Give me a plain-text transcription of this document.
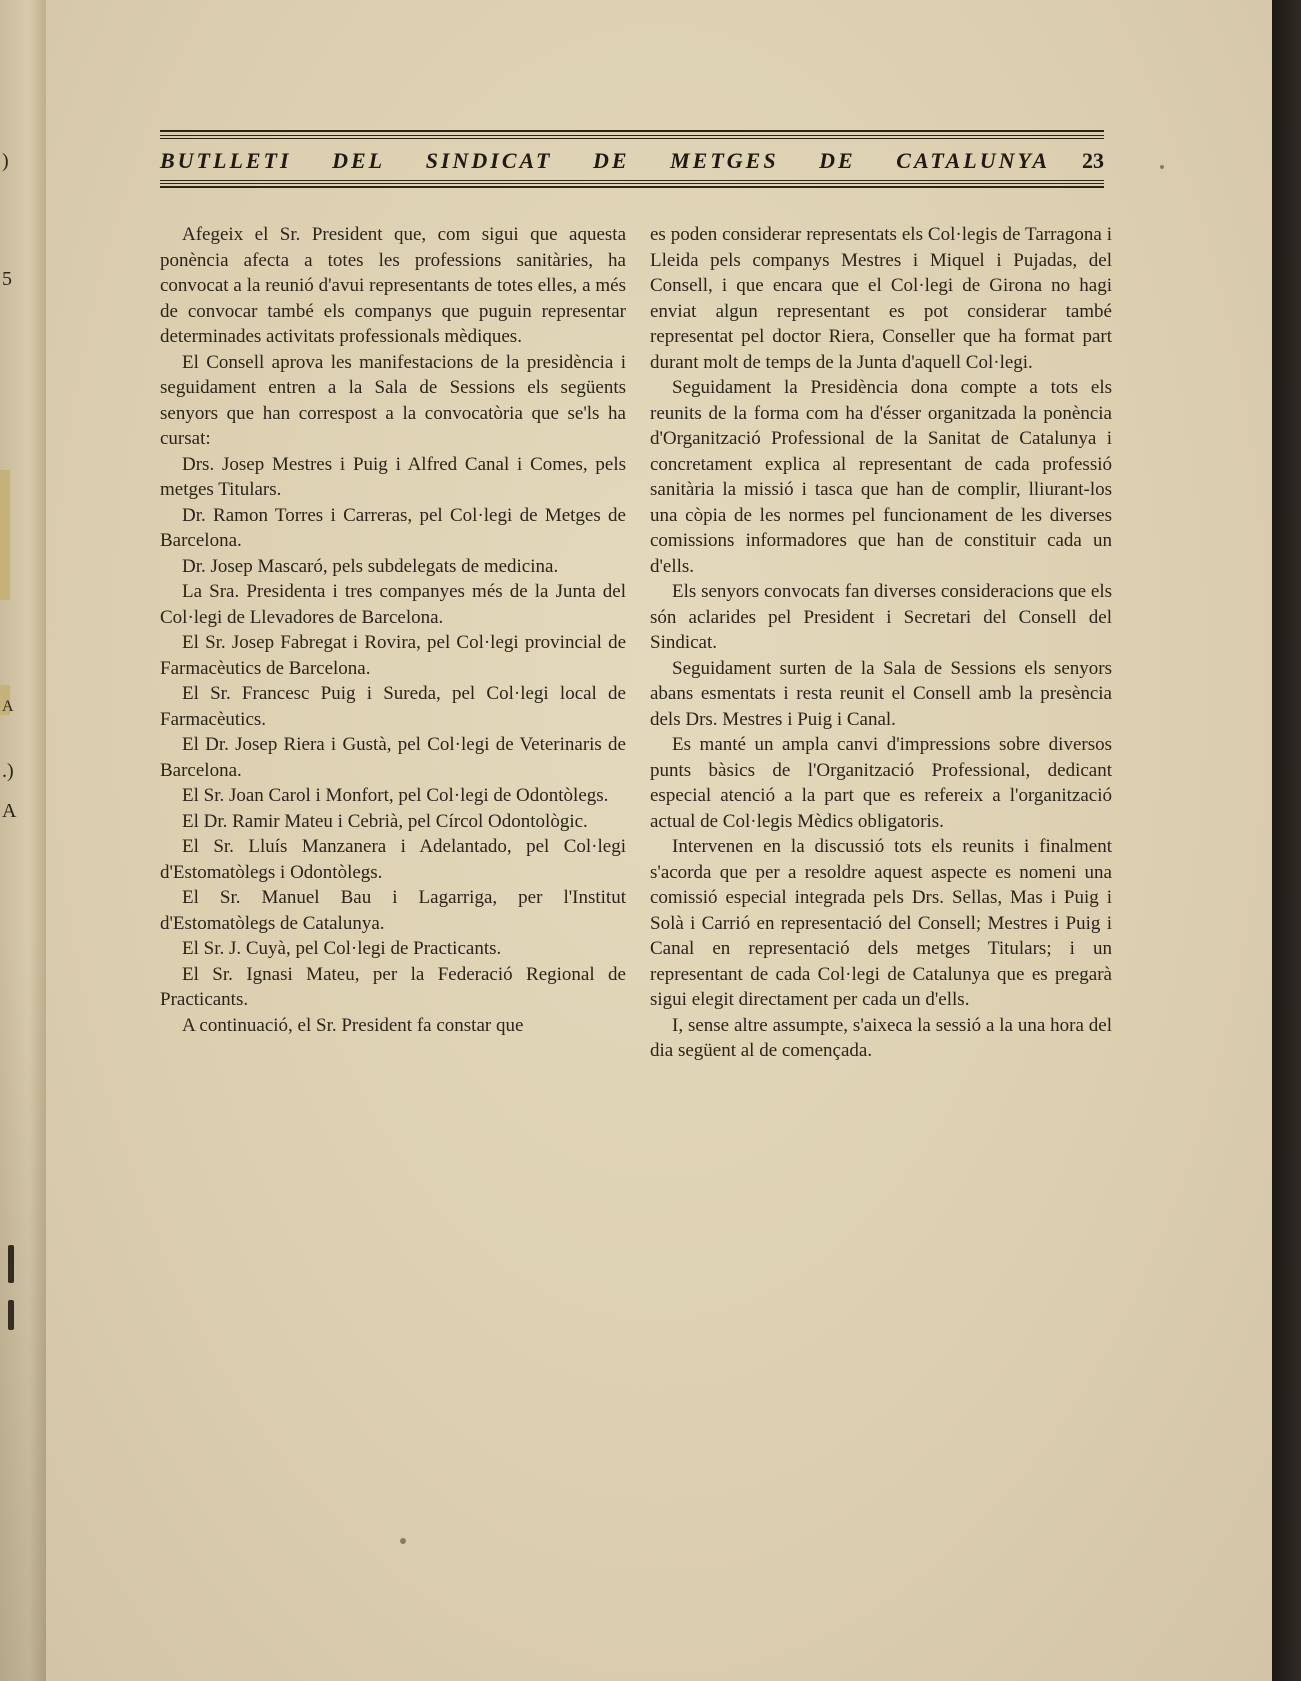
)
5
A
.)
A
BUTLLETI DEL SINDICAT DE METGES DE CATALUNYA 23

Afegeix el Sr. President que, com sigui que aquesta ponència afecta a totes les professions sanitàries, ha convocat a la reunió d'avui representants de totes elles, a més de convocar també els companys que puguin representar determinades activitats professionals mèdiques.

El Consell aprova les manifestacions de la presidència i seguidament entren a la Sala de Sessions els següents senyors que han correspost a la convocatòria que se'ls ha cursat:

Drs. Josep Mestres i Puig i Alfred Canal i Comes, pels metges Titulars.

Dr. Ramon Torres i Carreras, pel Col·legi de Metges de Barcelona.

Dr. Josep Mascaró, pels subdelegats de medicina.

La Sra. Presidenta i tres companyes més de la Junta del Col·legi de Llevadores de Barcelona.

El Sr. Josep Fabregat i Rovira, pel Col·legi provincial de Farmacèutics de Barcelona.

El Sr. Francesc Puig i Sureda, pel Col·legi local de Farmacèutics.

El Dr. Josep Riera i Gustà, pel Col·legi de Veterinaris de Barcelona.

El Sr. Joan Carol i Monfort, pel Col·legi de Odontòlegs.

El Dr. Ramir Mateu i Cebrià, pel Círcol Odontològic.

El Sr. Lluís Manzanera i Adelantado, pel Col·legi d'Estomatòlegs i Odontòlegs.

El Sr. Manuel Bau i Lagarriga, per l'Institut d'Estomatòlegs de Catalunya.

El Sr. J. Cuyà, pel Col·legi de Practicants.

El Sr. Ignasi Mateu, per la Federació Regional de Practicants.

A continuació, el Sr. President fa constar que

es poden considerar representats els Col·legis de Tarragona i Lleida pels companys Mestres i Miquel i Pujadas, del Consell, i que encara que el Col·legi de Girona no hagi enviat algun representant es pot considerar també representat pel doctor Riera, Conseller que ha format part durant molt de temps de la Junta d'aquell Col·legi.

Seguidament la Presidència dona compte a tots els reunits de la forma com ha d'ésser organitzada la ponència d'Organització Professional de la Sanitat de Catalunya i concretament explica al representant de cada professió sanitària la missió i tasca que han de complir, lliurant-los una còpia de les normes pel funcionament de les diverses comissions informadores que han de constituir cada un d'ells.

Els senyors convocats fan diverses consideracions que els són aclarides pel President i Secretari del Consell del Sindicat.

Seguidament surten de la Sala de Sessions els senyors abans esmentats i resta reunit el Consell amb la presència dels Drs. Mestres i Puig i Canal.

Es manté un ampla canvi d'impressions sobre diversos punts bàsics de l'Organització Professional, dedicant especial atenció a la part que es refereix a l'organització actual de Col·legis Mèdics obligatoris.

Intervenen en la discussió tots els reunits i finalment s'acorda que per a resoldre aquest aspecte es nomeni una comissió especial integrada pels Drs. Sellas, Mas i Puig i Solà i Carrió en representació del Consell; Mestres i Puig i Canal en representació dels metges Titulars; i un representant de cada Col·legi de Catalunya que es pregarà sigui elegit directament per cada un d'ells.

I, sense altre assumpte, s'aixeca la sessió a la una hora del dia següent al de començada.
